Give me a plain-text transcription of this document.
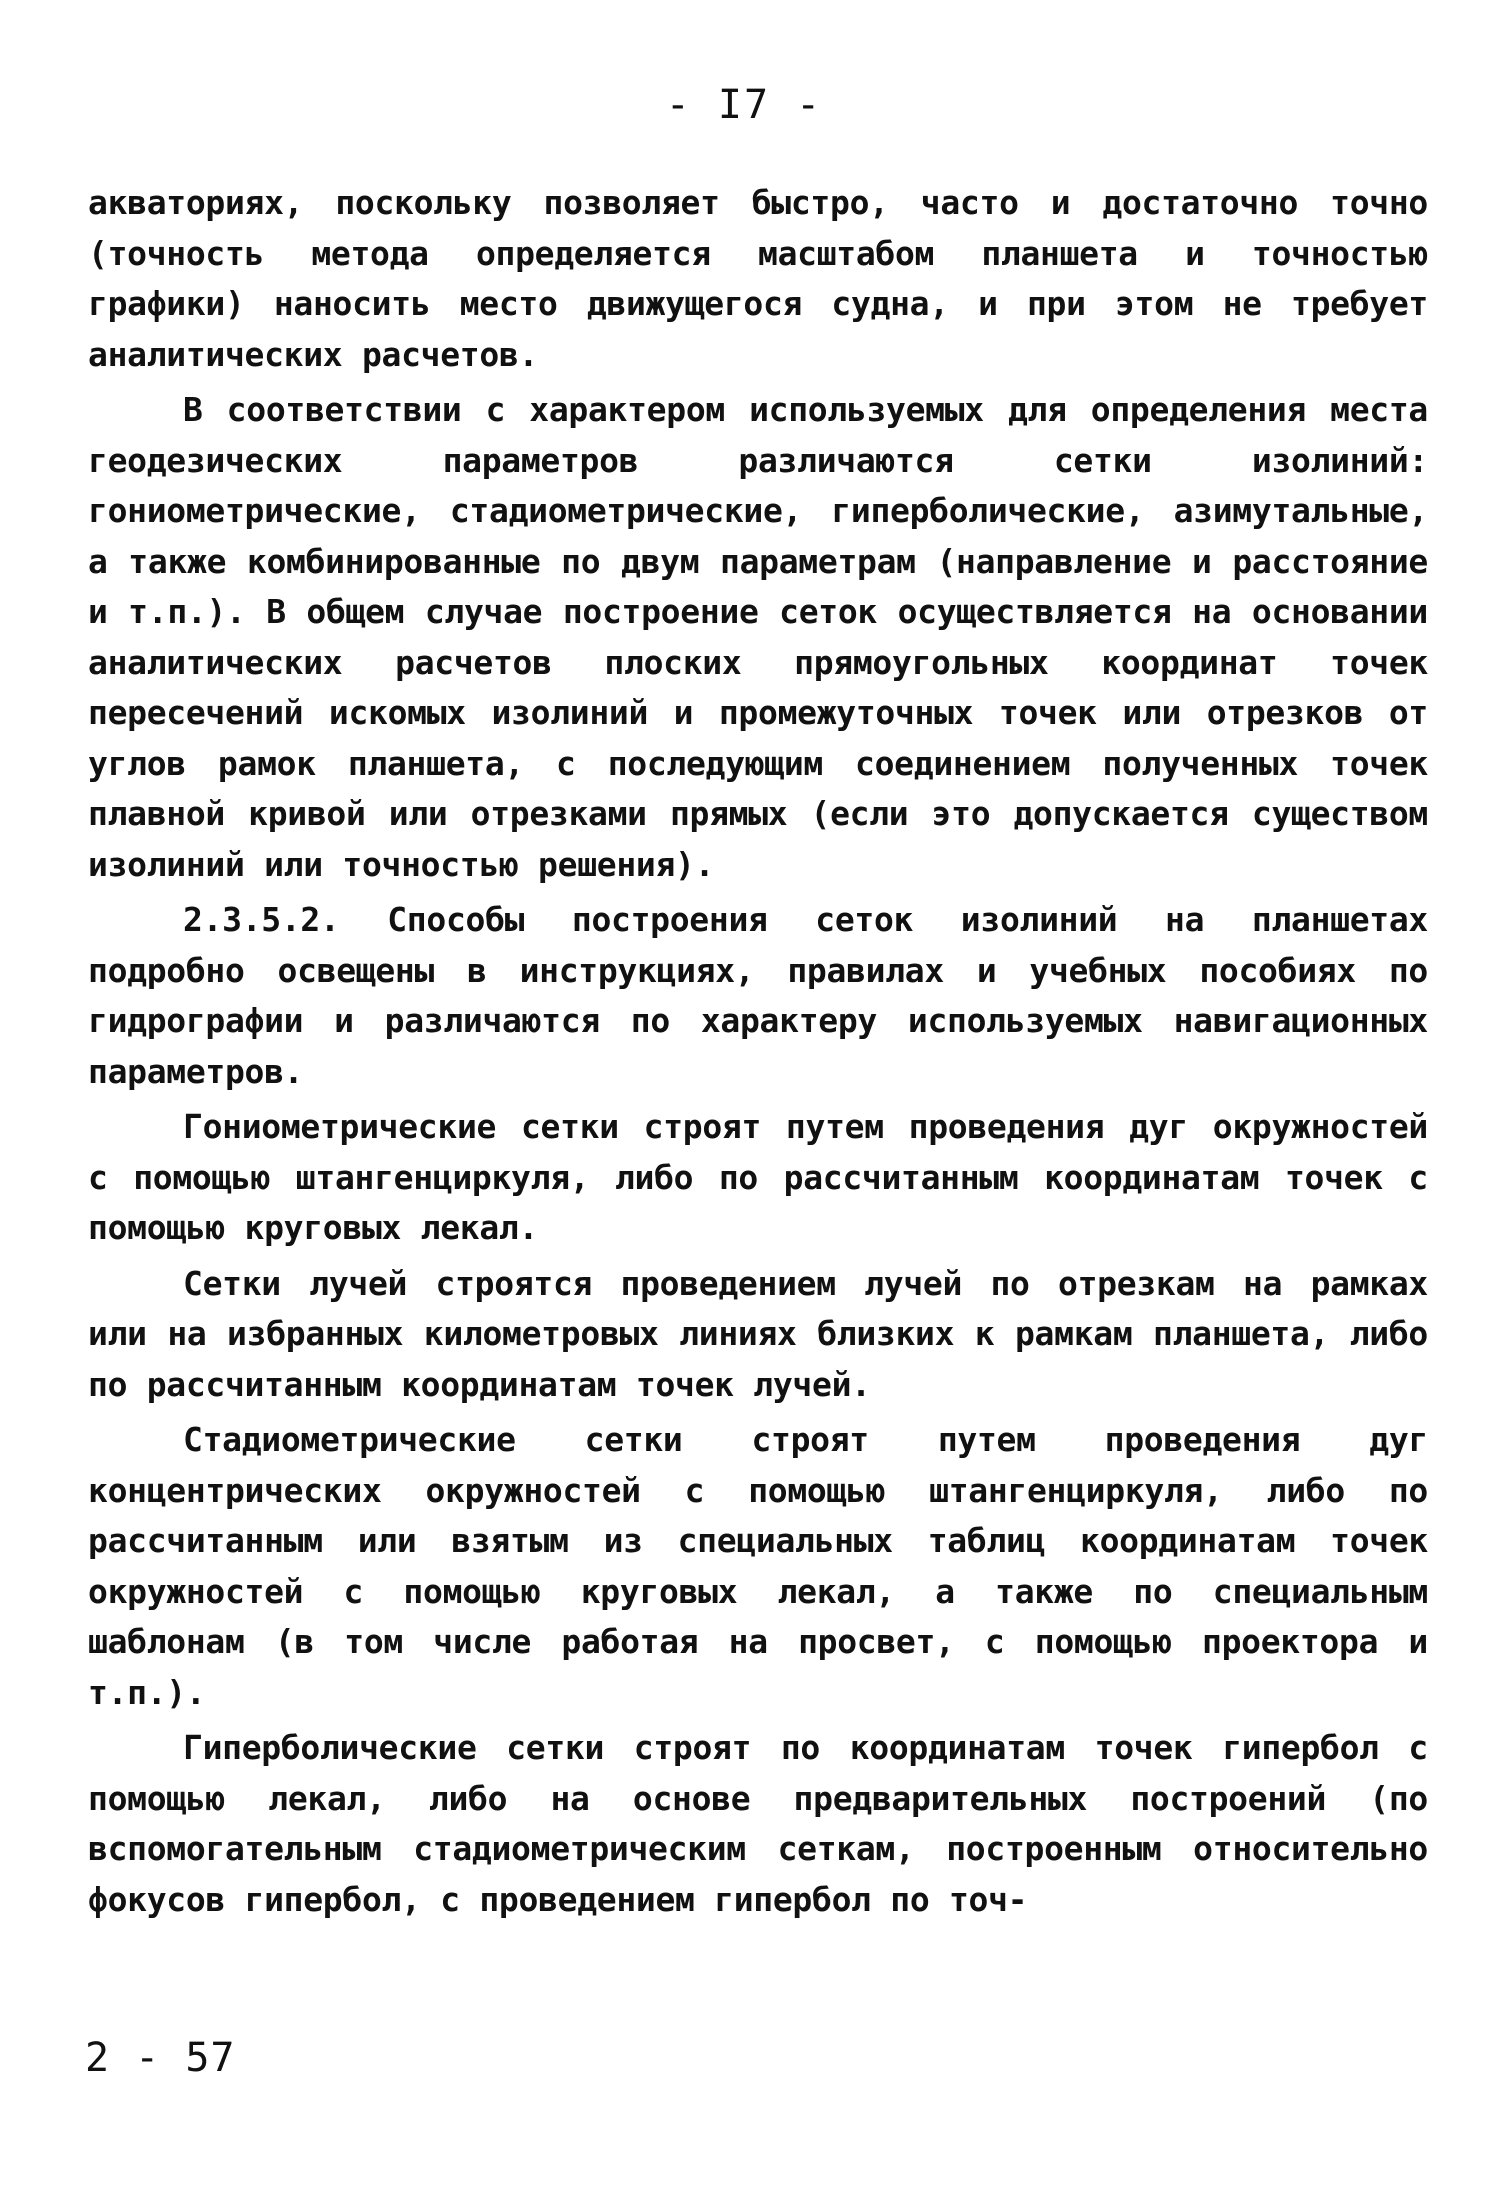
- I7 -

акваториях, поскольку позволяет быстро, часто и достаточно точно (точность метода определяется масштабом планшета и точностью графики) наносить место движущегося судна, и при этом не требует аналитических расчетов.

В соответствии с характером используемых для определения места геодезических параметров различаются сетки изолиний: гониометрические, стадиометрические, гиперболические, азимутальные, а также комбинированные по двум параметрам (направление и расстояние и т.п.). В общем случае построение сеток осуществляется на основании аналитических расчетов плоских прямоугольных координат точек пересечений искомых изолиний и промежуточных точек или отрезков от углов рамок планшета, с последующим соединением полученных точек плавной кривой или отрезками прямых (если это допускается существом изолиний или точностью решения).

2.3.5.2. Способы построения сеток изолиний на планшетах подробно освещены в инструкциях, правилах и учебных пособиях по гидрографии и различаются по характеру используемых навигационных параметров.

Гониометрические сетки строят путем проведения дуг окружностей с помощью штангенциркуля, либо по рассчитанным координатам точек с помощью круговых лекал.

Сетки лучей строятся проведением лучей по отрезкам на рамках или на избранных километровых линиях близких к рамкам планшета, либо по рассчитанным координатам точек лучей.

Стадиометрические сетки строят путем проведения дуг концентрических окружностей с помощью штангенциркуля, либо по рассчитанным или взятым из специальных таблиц координатам точек окружностей с помощью круговых лекал, а также по специальным шаблонам (в том числе работая на просвет, с помощью проектора и т.п.).

Гиперболические сетки строят по координатам точек гипербол с помощью лекал, либо на основе предварительных построений (по вспомогательным стадиометрическим сеткам, построенным относительно фокусов гипербол, с проведением гипербол по точ-

2 - 57
